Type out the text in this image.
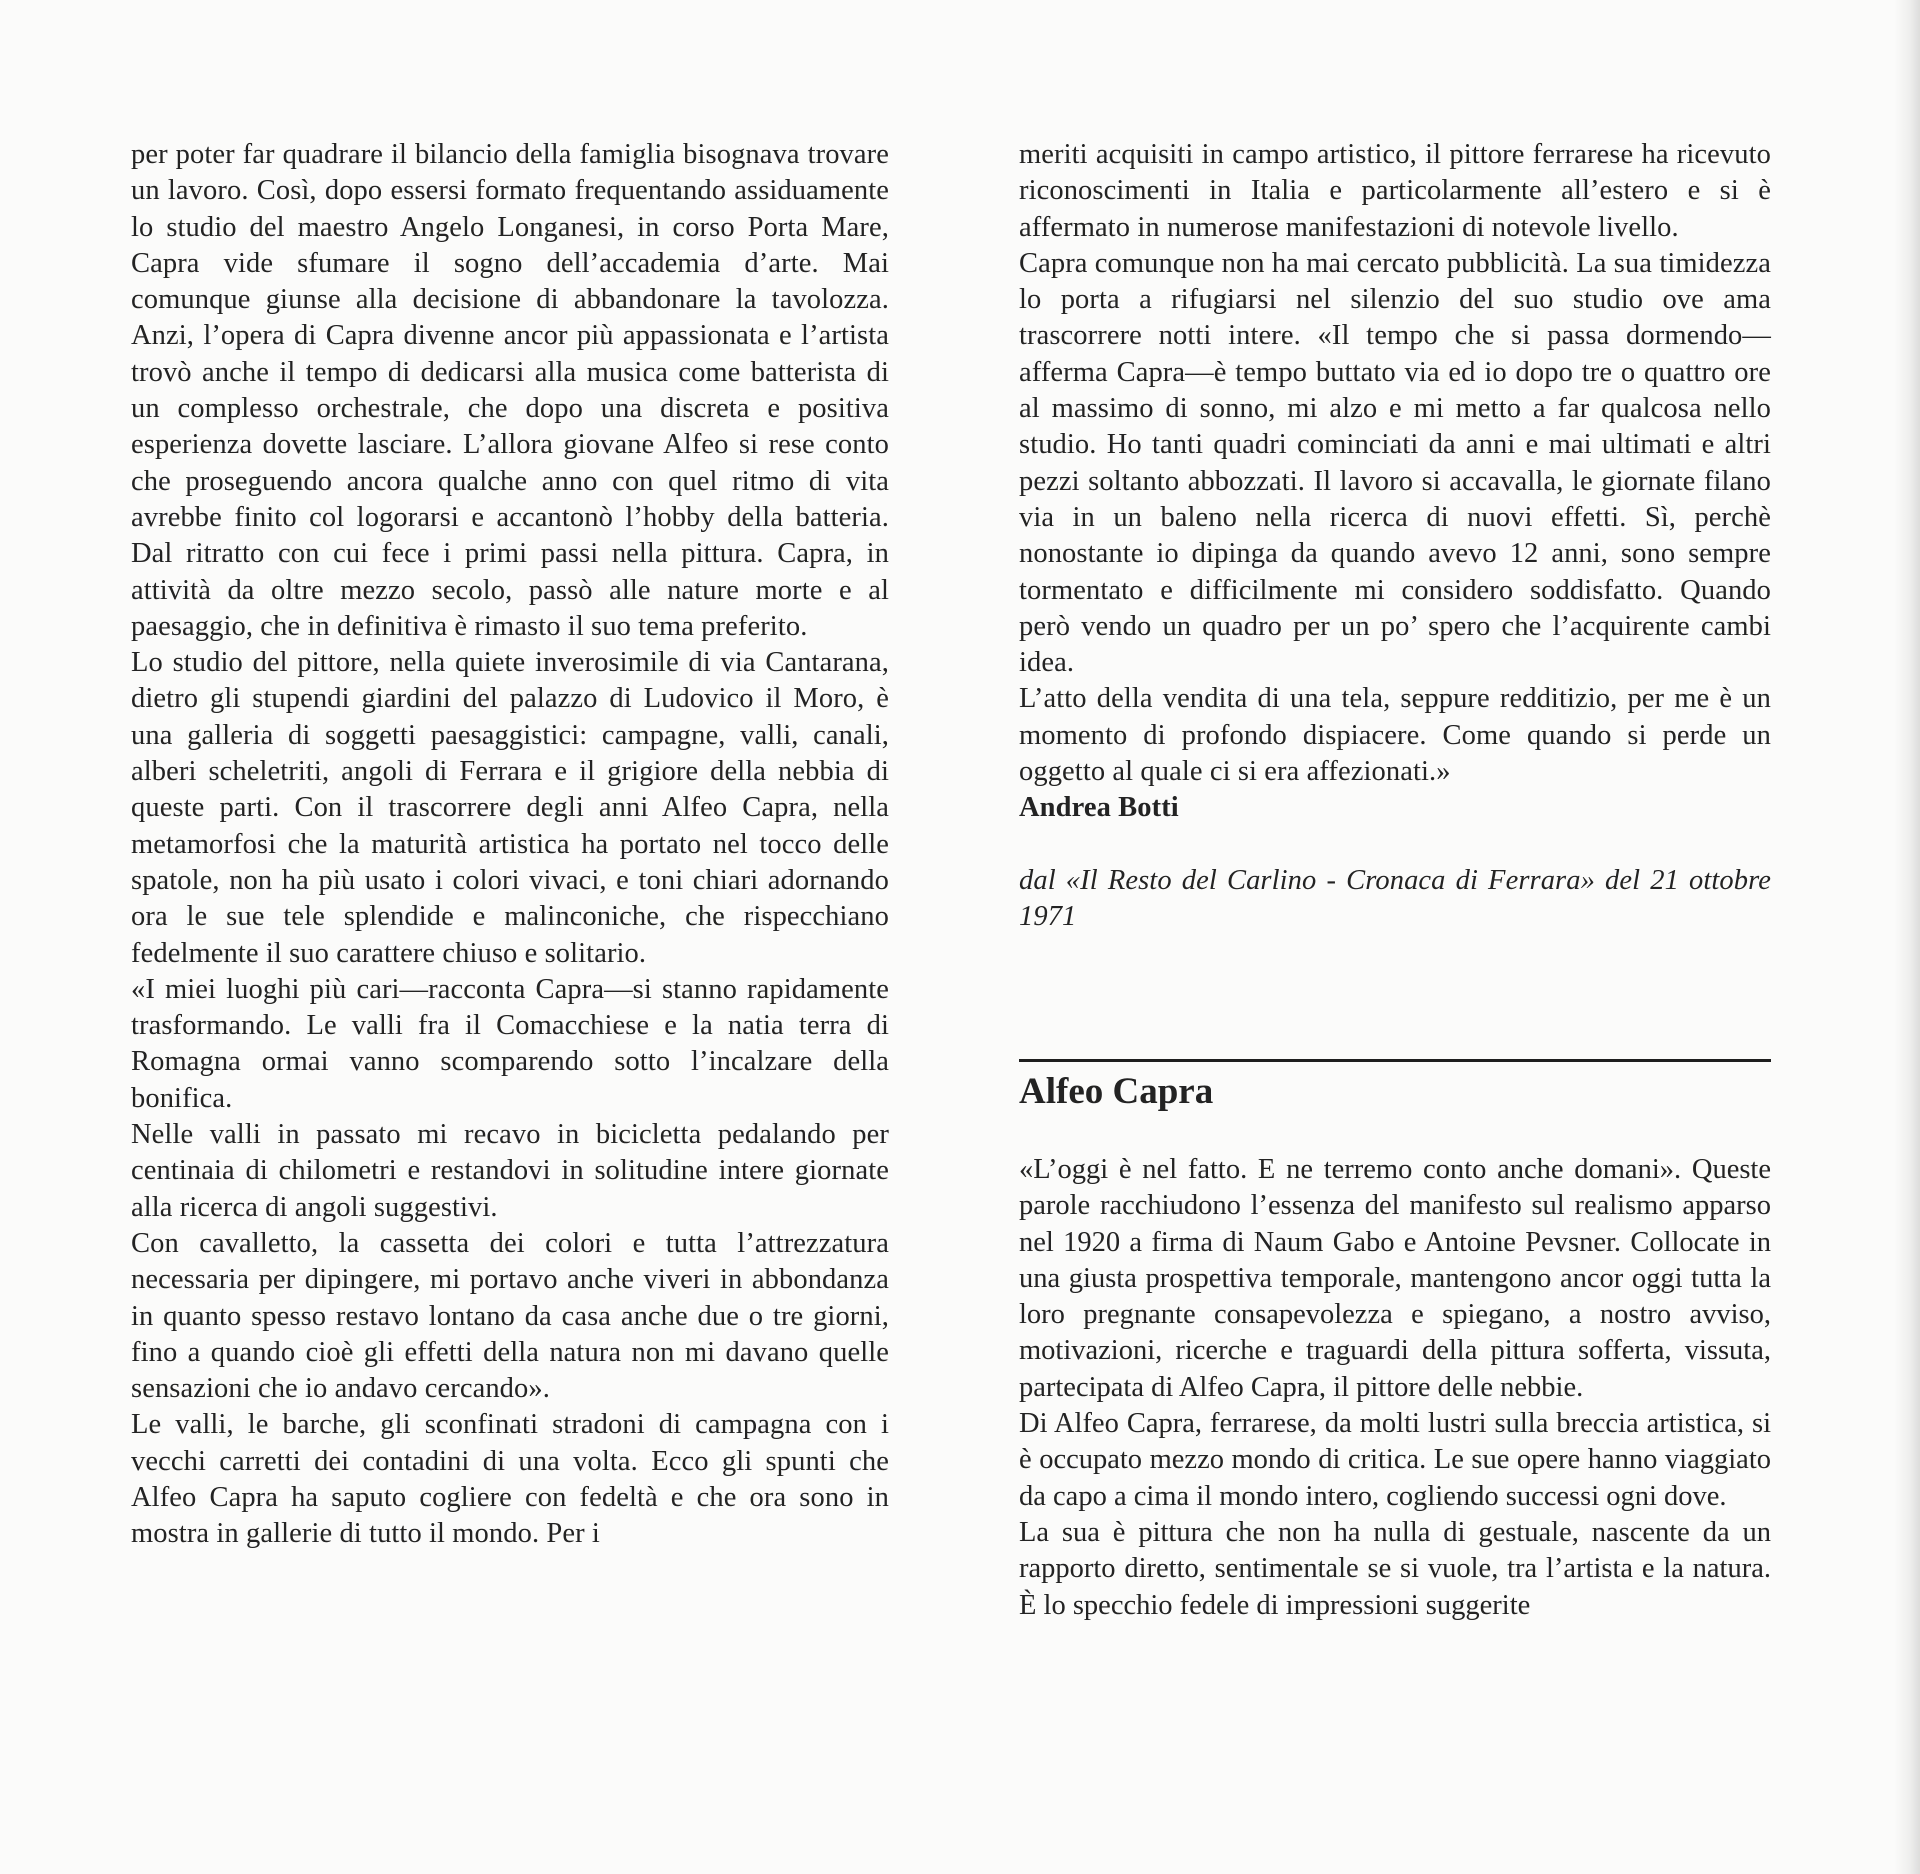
per poter far quadrare il bilancio della famiglia bisognava trovare un lavoro. Così, dopo essersi formato frequentando assiduamente lo studio del maestro Angelo Longanesi, in corso Porta Mare, Capra vide sfumare il sogno dell’accademia d’arte. Mai comunque giunse alla decisione di abbandonare la tavolozza. Anzi, l’opera di Capra divenne ancor più appassionata e l’artista trovò anche il tempo di dedicarsi alla musica come batterista di un complesso orchestrale, che dopo una discreta e positiva esperienza dovette lasciare. L’allora giovane Alfeo si rese conto che proseguendo ancora qualche anno con quel ritmo di vita avrebbe finito col logorarsi e accantonò l’hobby della batteria. Dal ritratto con cui fece i primi passi nella pittura. Capra, in attività da oltre mezzo secolo, passò alle nature morte e al paesaggio, che in definitiva è rimasto il suo tema preferito.

Lo studio del pittore, nella quiete inverosimile di via Cantarana, dietro gli stupendi giardini del palazzo di Ludovico il Moro, è una galleria di soggetti paesaggistici: campagne, valli, canali, alberi scheletriti, angoli di Ferrara e il grigiore della nebbia di queste parti. Con il trascorrere degli anni Alfeo Capra, nella metamorfosi che la maturità artistica ha portato nel tocco delle spatole, non ha più usato i colori vivaci, e toni chiari adornando ora le sue tele splendide e malinconiche, che rispecchiano fedelmente il suo carattere chiuso e solitario.

«I miei luoghi più cari—racconta Capra—si stanno rapidamente trasformando. Le valli fra il Comacchiese e la natia terra di Romagna ormai vanno scomparendo sotto l’incalzare della bonifica.

Nelle valli in passato mi recavo in bicicletta pedalando per centinaia di chilometri e restandovi in solitudine intere giornate alla ricerca di angoli suggestivi.

Con cavalletto, la cassetta dei colori e tutta l’attrezzatura necessaria per dipingere, mi portavo anche viveri in abbondanza in quanto spesso restavo lontano da casa anche due o tre giorni, fino a quando cioè gli effetti della natura non mi davano quelle sensazioni che io andavo cercando».

Le valli, le barche, gli sconfinati stradoni di campagna con i vecchi carretti dei contadini di una volta. Ecco gli spunti che Alfeo Capra ha saputo cogliere con fedeltà e che ora sono in mostra in gallerie di tutto il mondo. Per i

meriti acquisiti in campo artistico, il pittore ferrarese ha ricevuto riconoscimenti in Italia e particolarmente all’estero e si è affermato in numerose manifestazioni di notevole livello.

Capra comunque non ha mai cercato pubblicità. La sua timidezza lo porta a rifugiarsi nel silenzio del suo studio ove ama trascorrere notti intere. «Il tempo che si passa dormendo—afferma Capra—è tempo buttato via ed io dopo tre o quattro ore al massimo di sonno, mi alzo e mi metto a far qualcosa nello studio. Ho tanti quadri cominciati da anni e mai ultimati e altri pezzi soltanto abbozzati. Il lavoro si accavalla, le giornate filano via in un baleno nella ricerca di nuovi effetti. Sì, perchè nonostante io dipinga da quando avevo 12 anni, sono sempre tormentato e difficilmente mi considero soddisfatto. Quando però vendo un quadro per un po’ spero che l’acquirente cambi idea.

L’atto della vendita di una tela, seppure redditizio, per me è un momento di profondo dispiacere. Come quando si perde un oggetto al quale ci si era affezionati.»

Andrea Botti

dal «Il Resto del Carlino - Cronaca di Ferrara» del 21 ottobre 1971

Alfeo Capra

«L’oggi è nel fatto. E ne terremo conto anche domani». Queste parole racchiudono l’essenza del manifesto sul realismo apparso nel 1920 a firma di Naum Gabo e Antoine Pevsner. Collocate in una giusta prospettiva temporale, mantengono ancor oggi tutta la loro pregnante consapevolezza e spiegano, a nostro avviso, motivazioni, ricerche e traguardi della pittura sofferta, vissuta, partecipata di Alfeo Capra, il pittore delle nebbie.

Di Alfeo Capra, ferrarese, da molti lustri sulla breccia artistica, si è occupato mezzo mondo di critica. Le sue opere hanno viaggiato da capo a cima il mondo intero, cogliendo successi ogni dove.

La sua è pittura che non ha nulla di gestuale, nascente da un rapporto diretto, sentimentale se si vuole, tra l’artista e la natura. È lo specchio fedele di impressioni suggerite
